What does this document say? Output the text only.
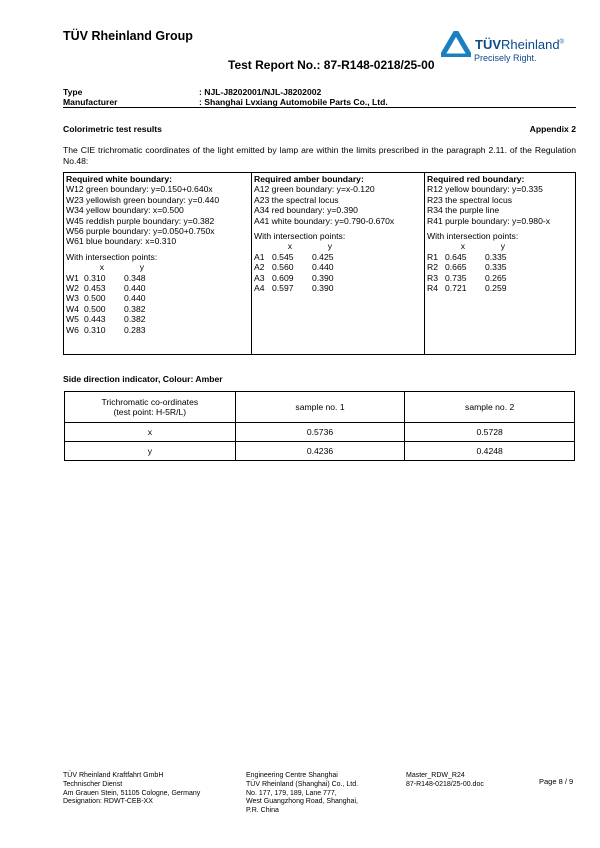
TÜV Rheinland Group
TÜVRheinland®
Precisely Right.
Test Report No.: 87-R148-0218/25-00
Type	: NJL-J8202001/NJL-J8202002
Manufacturer	: Shanghai Lvxiang Automobile Parts Co., Ltd.
Colorimetric test results	Appendix 2
The CIE trichromatic coordinates of the light emitted by lamp are within the limits prescribed in the paragraph 2.11. of the Regulation No.48:
Required white boundary:
W12 green boundary: y=0.150+0.640x
W23 yellowish green boundary: y=0.440
W34 yellow boundary: x=0.500
W45 reddish purple boundary: y=0.382
W56 purple boundary: y=0.050+0.750x
W61 blue boundary: x=0.310
With intersection points:
x	y
W1 0.310	0.348
W2 0.453	0.440
W3 0.500	0.440
W4 0.500	0.382
W5 0.443	0.382
W6 0.310	0.283
Required amber boundary:
A12 green boundary: y=x-0.120
A23 the spectral locus
A34 red boundary: y=0.390
A41 white boundary: y=0.790-0.670x
With intersection points:
x	y
A1 0.545	0.425
A2 0.560	0.440
A3 0.609	0.390
A4 0.597	0.390
Required red boundary:
R12 yellow boundary: y=0.335
R23 the spectral locus
R34 the purple line
R41 purple boundary: y=0.980-x
With intersection points:
x	y
R1 0.645	0.335
R2 0.665	0.335
R3 0.735	0.265
R4 0.721	0.259
Side direction indicator, Colour: Amber
Trichromatic co-ordinates
(test point: H-5R/L)	sample no. 1	sample no. 2
x	0.5736	0.5728
y	0.4236	0.4248
TÜV Rheinland Kraftfahrt GmbH
Technischer Dienst
Am Grauen Stein, 51105 Cologne, Germany
Designation: RDWT-CEB-XX
Engineering Centre Shanghai
TÜV Rheinland (Shanghai) Co., Ltd.
No. 177, 179, 189, Lane 777,
West Guangzhong Road, Shanghai,
P.R. China
Master_RDW_R24
87-R148-0218/25-00.doc	Page 8 / 9
